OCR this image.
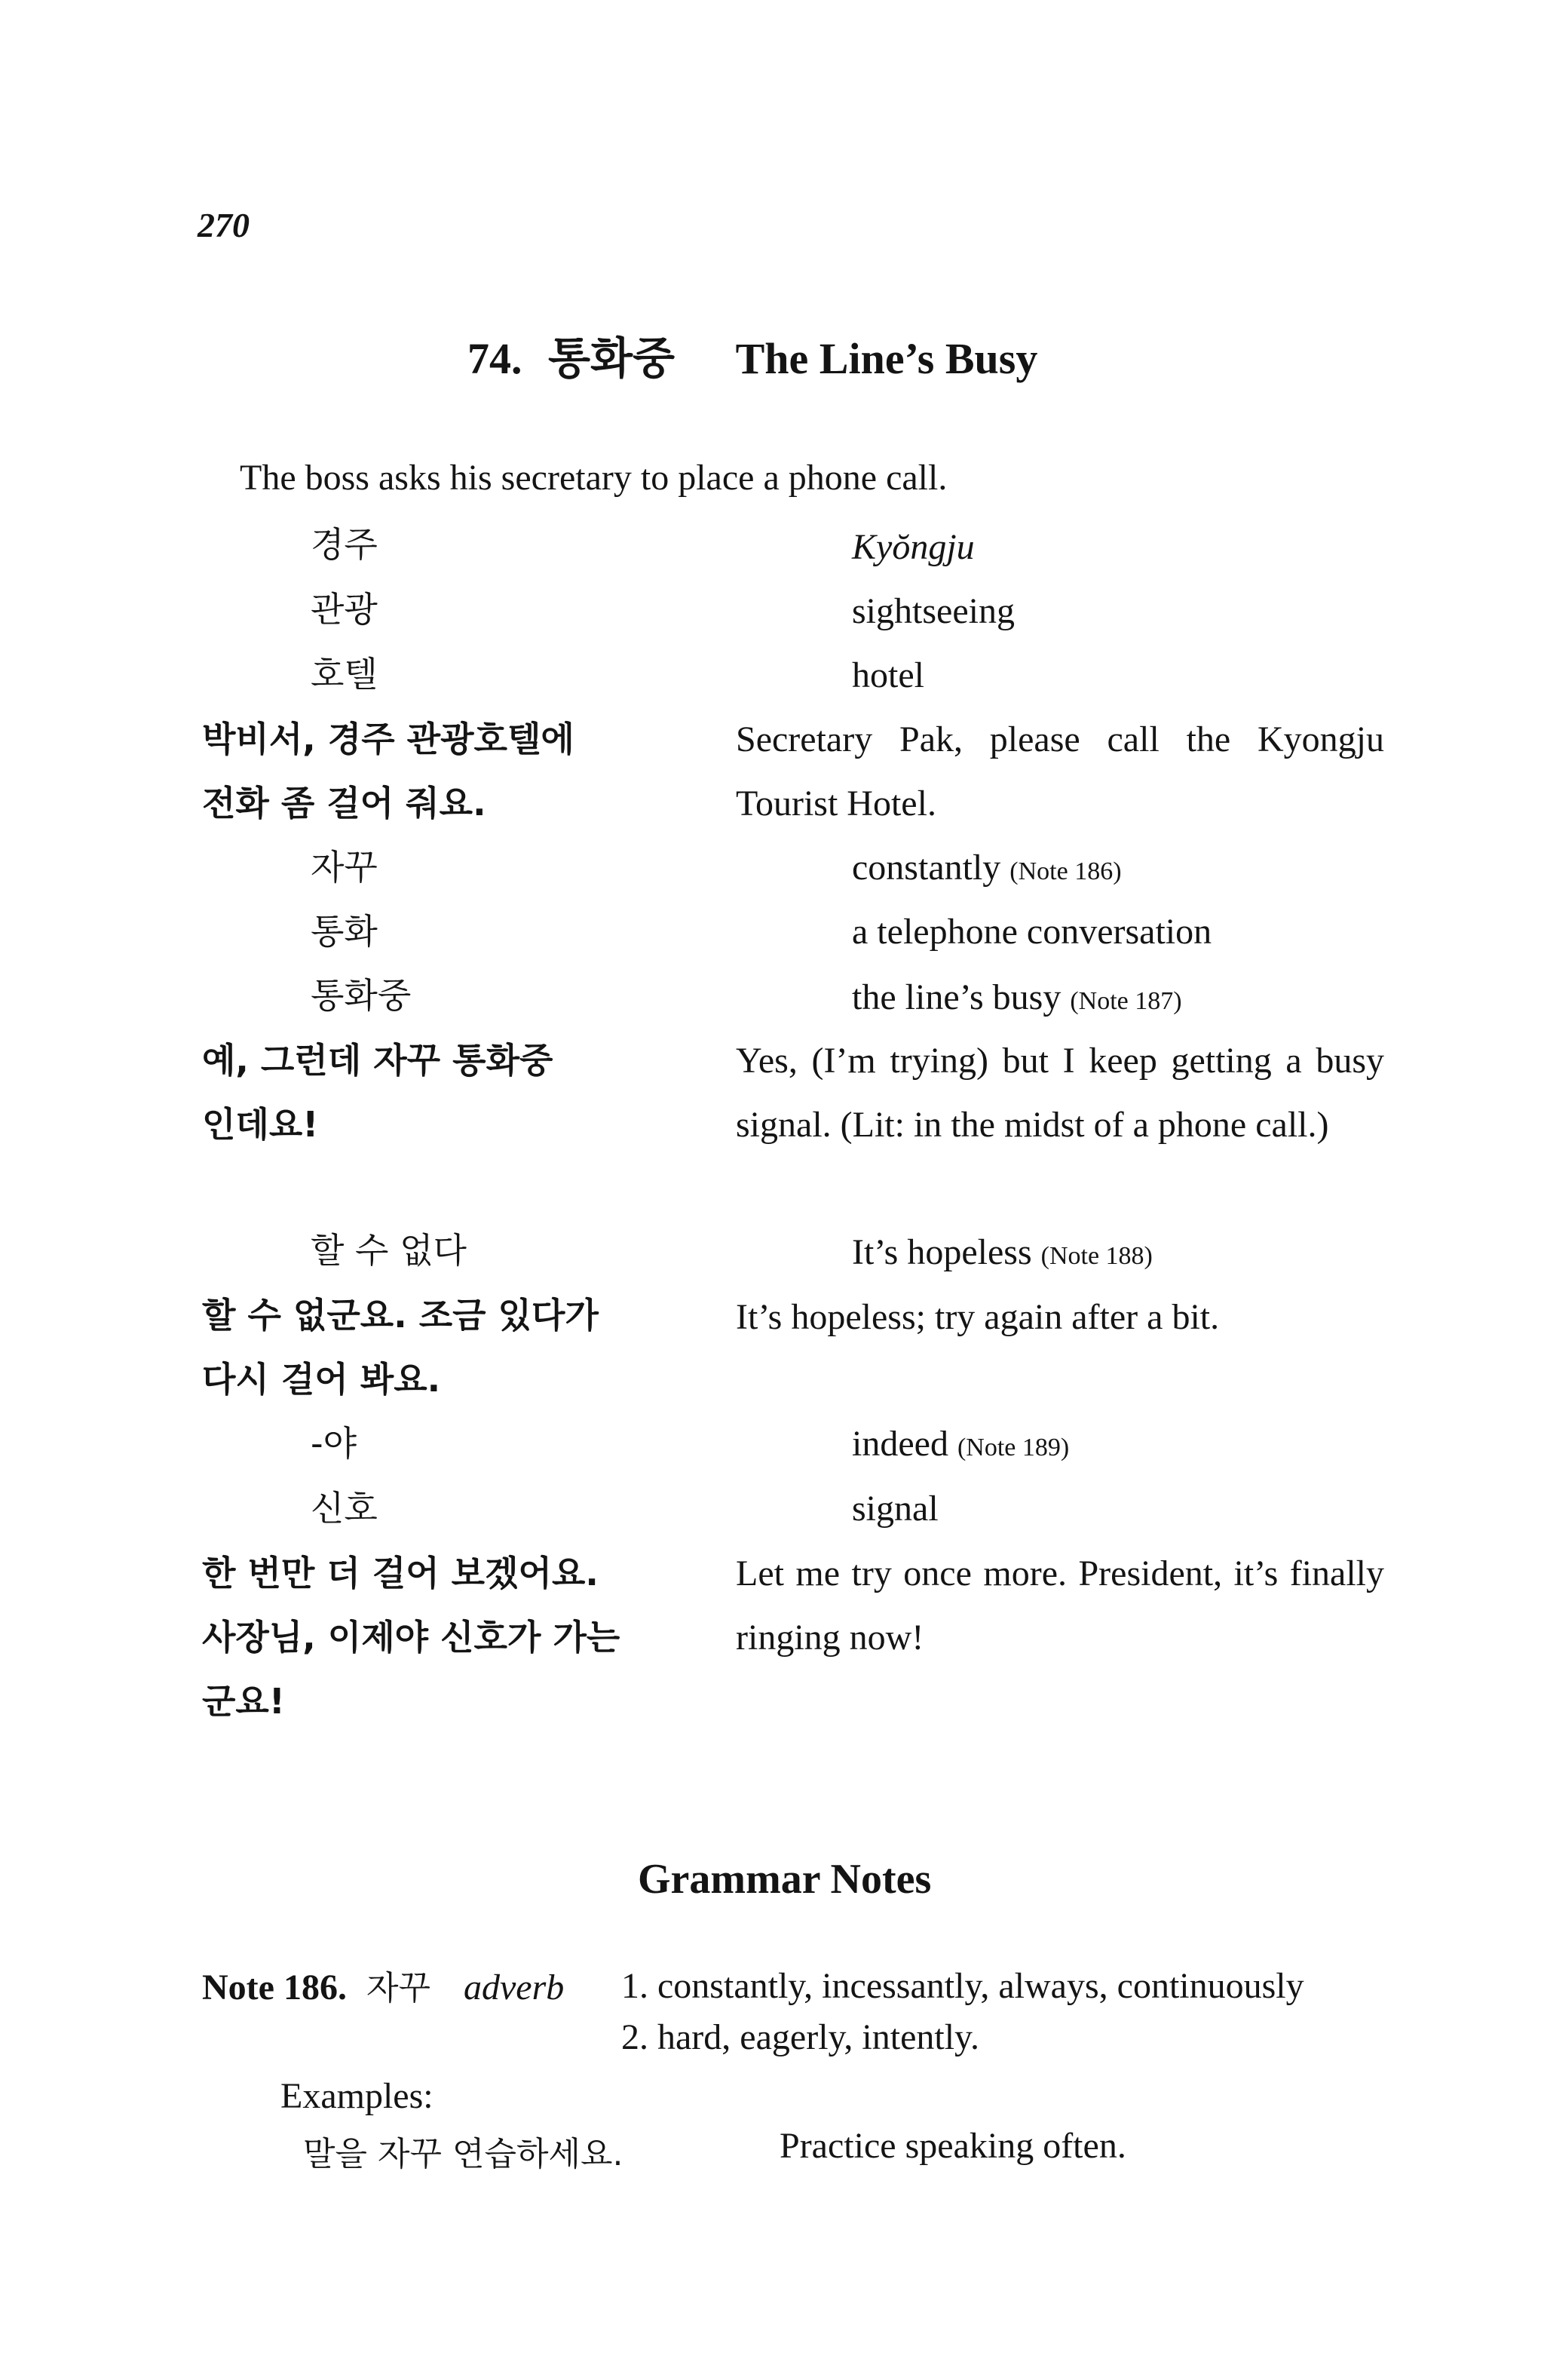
270
74. 통화중 The Line’s Busy
The boss asks his secretary to place a phone call.
경주	Kyŏngju
관광	sightseeing
호텔	hotel
박비서, 경주 관광호텔에
전화 좀 걸어 줘요.
Secretary Pak, please call the Kyongju Tourist Hotel.
자꾸	constantly (Note 186)
통화	a telephone conversation
통화중	the line’s busy (Note 187)
예, 그런데 자꾸 통화중
인데요!
Yes, (I’m trying) but I keep getting a busy signal. (Lit: in the midst of a phone call.)
할 수 없다	It’s hopeless (Note 188)
할 수 없군요. 조금 있다가
다시 걸어 봐요.
It’s hopeless; try again after a bit.
-야	indeed (Note 189)
신호	signal
한 번만 더 걸어 보겠어요.
사장님, 이제야 신호가 가는
군요!
Let me try once more. President, it’s finally ringing now!
Grammar Notes
Note 186. 자꾸 adverb 1. constantly, incessantly, always, continuously
2. hard, eagerly, intently.
Examples:
말을 자꾸 연습하세요.	Practice speaking often.
